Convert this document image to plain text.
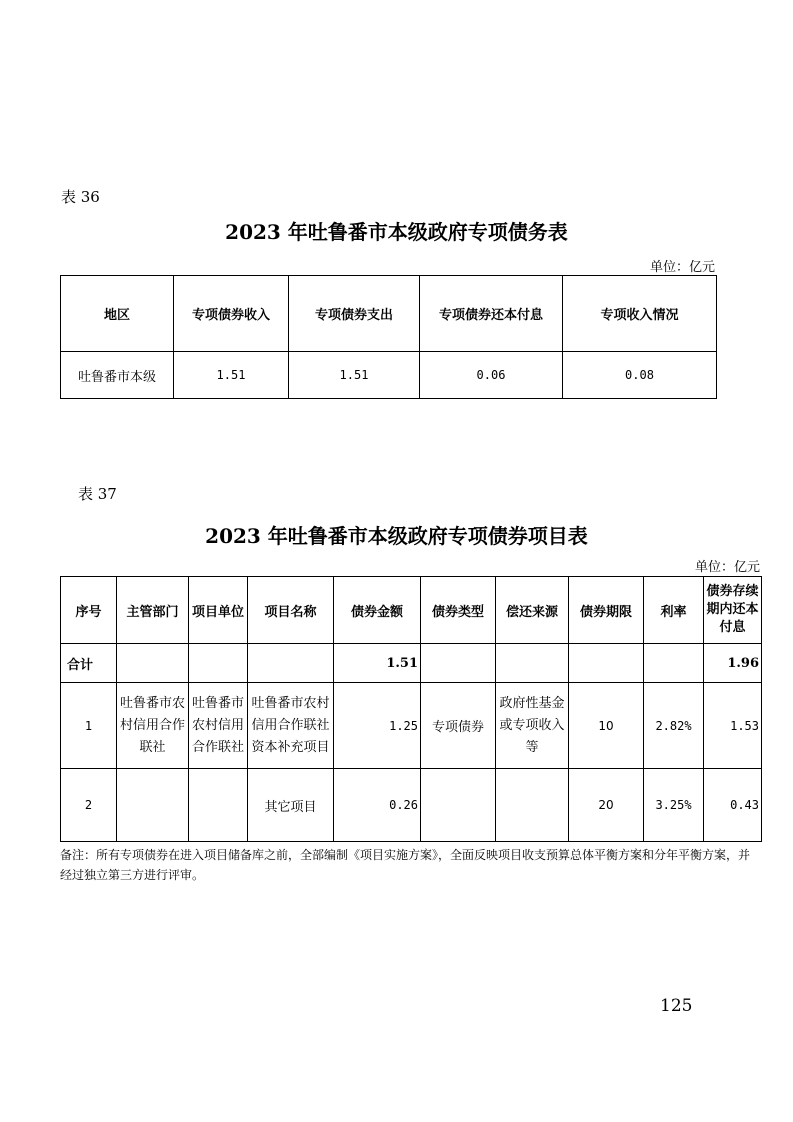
表 36
2023 年吐鲁番市本级政府专项债务表
单位：亿元
地区	专项债券收入	专项债券支出	专项债券还本付息	专项收入情况
吐鲁番市本级	1.51	1.51	0.06	0.08
表 37
2023 年吐鲁番市本级政府专项债券项目表
单位：亿元
序号	主管部门	项目单位	项目名称	债券金额	债券类型	偿还来源	债券期限	利率	债券存续期内还本付息
合计				1.51					1.96
1	吐鲁番市农村信用合作联社	吐鲁番市农村信用合作联社	吐鲁番市农村信用合作联社资本补充项目	1.25	专项债券	政府性基金或专项收入等	10	2.82%	1.53
2			其它项目	0.26			20	3.25%	0.43
备注：所有专项债券在进入项目储备库之前，全部编制《项目实施方案》，全面反映项目收支预算总体平衡方案和分年平衡方案，并经过独立第三方进行评审。
125
